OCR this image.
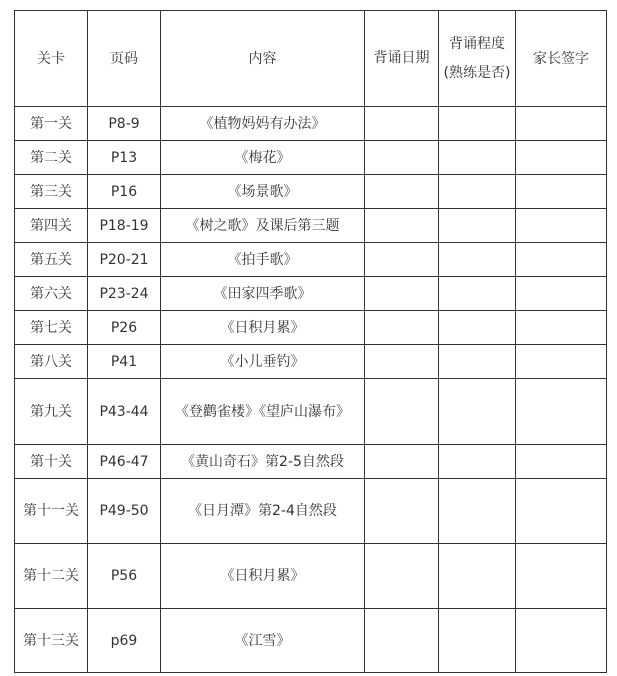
关卡	页码	内容	背诵日期	背诵程度(熟练是否)	家长签字
第一关	P8-9	《植物妈妈有办法》			
第二关	P13	《梅花》			
第三关	P16	《场景歌》			
第四关	P18-19	《树之歌》及课后第三题			
第五关	P20-21	《拍手歌》			
第六关	P23-24	《田家四季歌》			
第七关	P26	《日积月累》			
第八关	P41	《小儿垂钓》			
第九关	P43-44	《登鹳雀楼》《望庐山瀑布》			
第十关	P46-47	《黄山奇石》第2-5自然段			
第十一关	P49-50	《日月潭》第2-4自然段			
第十二关	P56	《日积月累》			
第十三关	p69	《江雪》			
